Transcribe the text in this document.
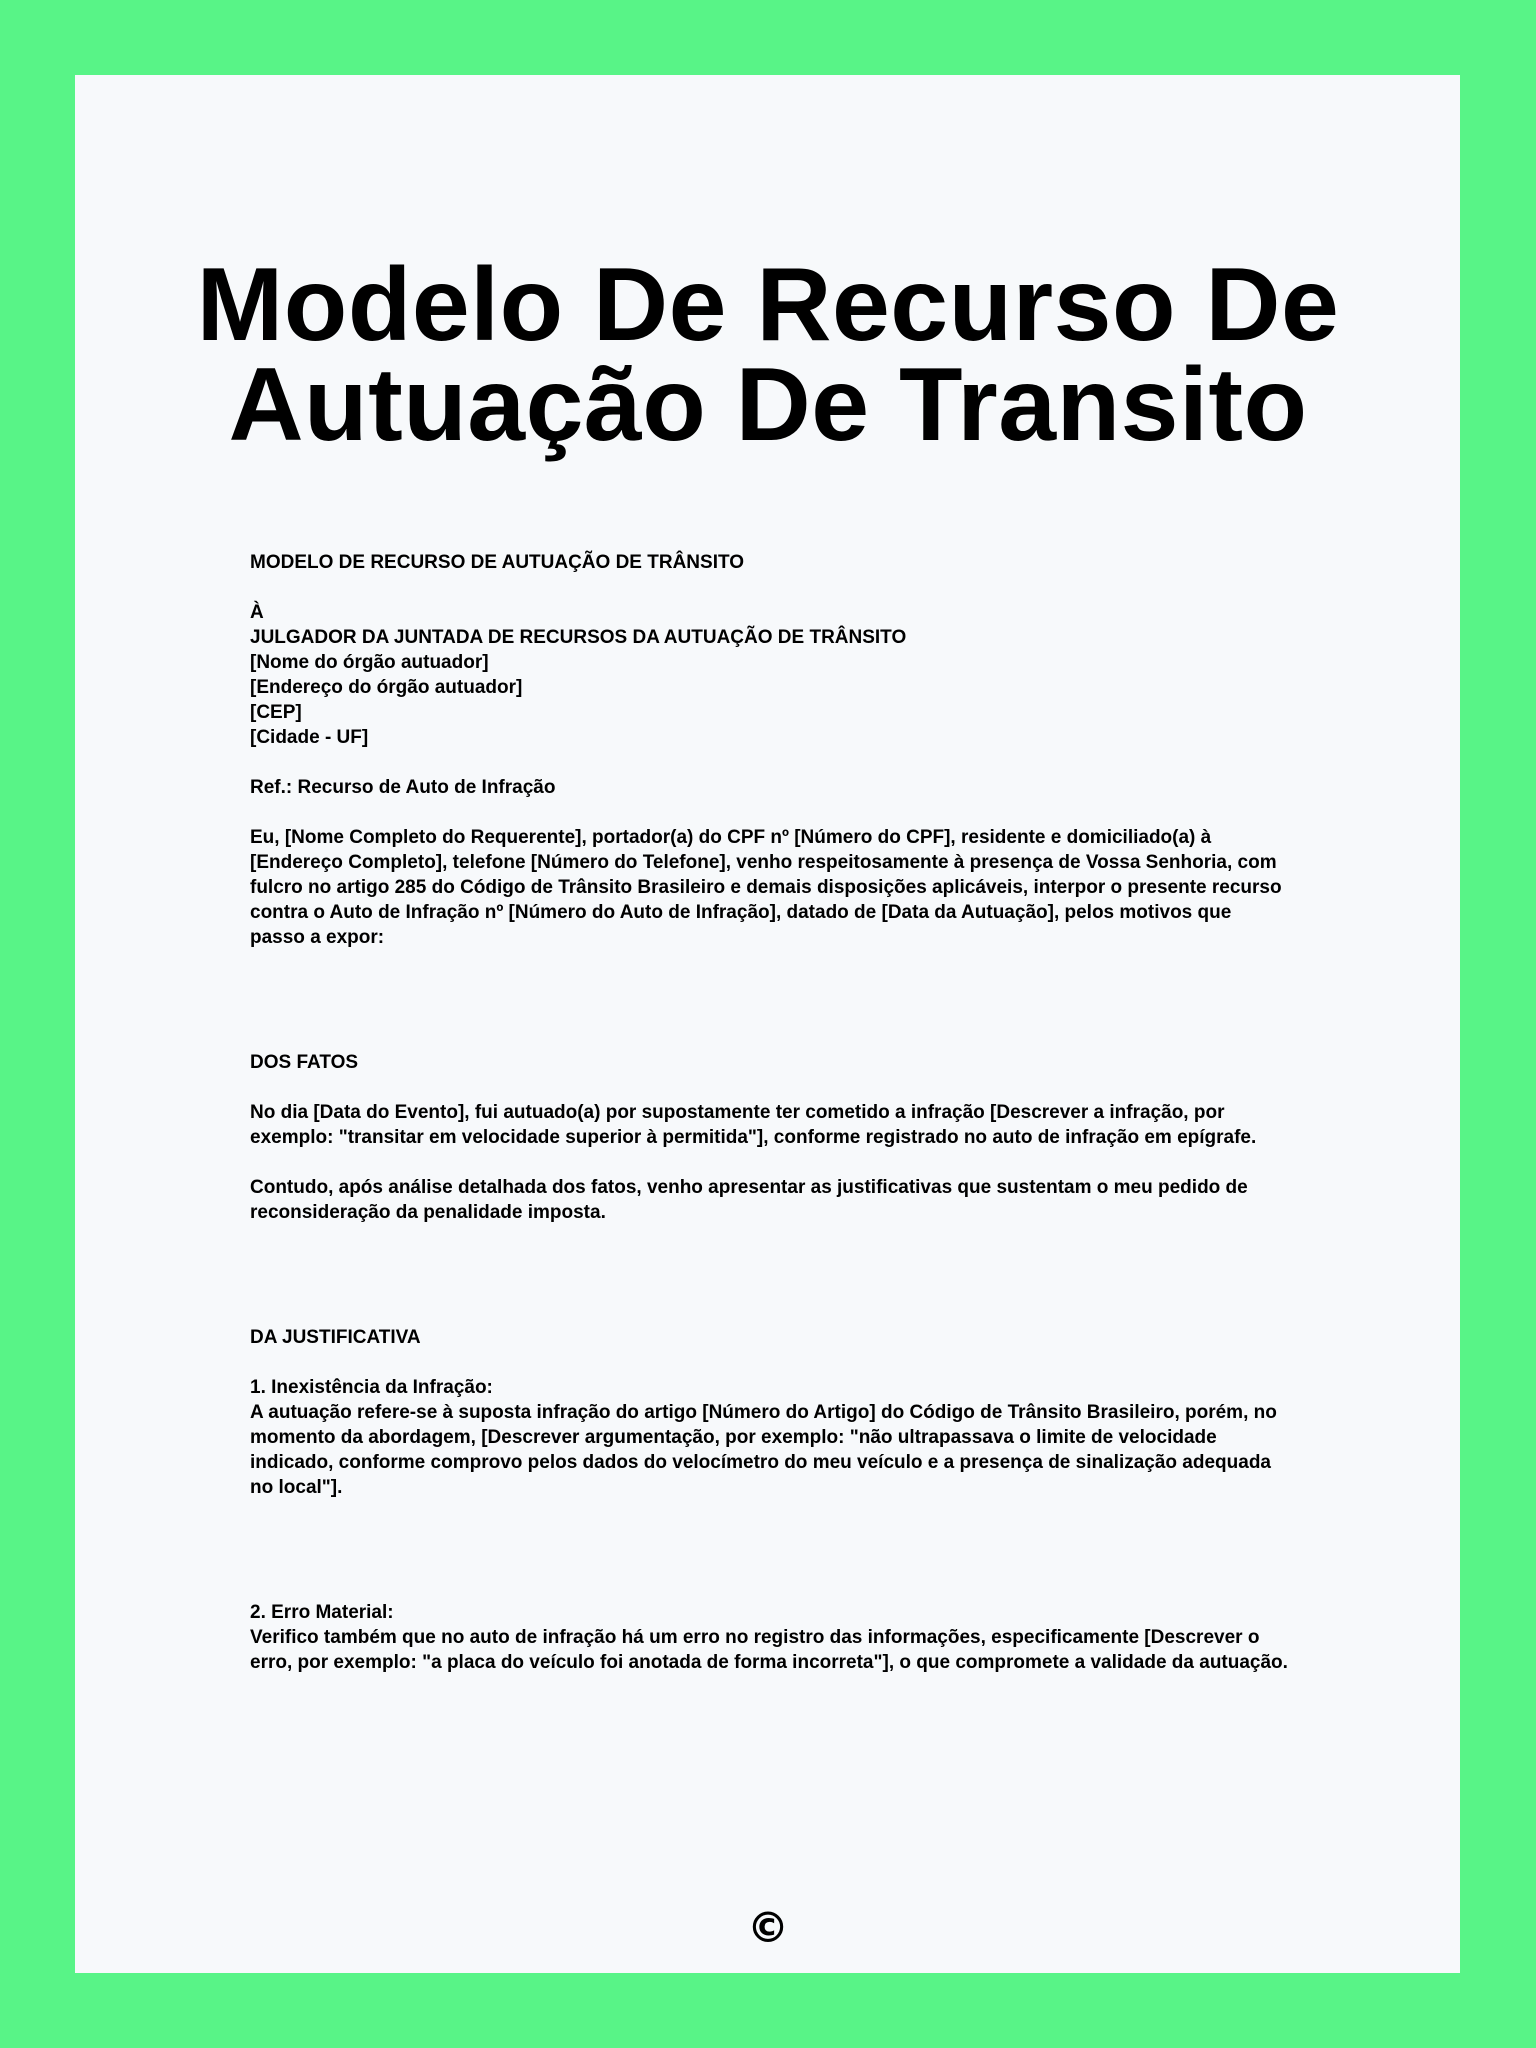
Modelo De Recurso De
Autuação De Transito

MODELO DE RECURSO DE AUTUAÇÃO DE TRÂNSITO

À

JULGADOR DA JUNTADA DE RECURSOS DA AUTUAÇÃO DE TRÂNSITO

[Nome do órgão autuador]

[Endereço do órgão autuador]

[CEP]

[Cidade - UF]

Ref.: Recurso de Auto de Infração

Eu, [Nome Completo do Requerente], portador(a) do CPF nº [Número do CPF], residente e domiciliado(a) à [Endereço Completo], telefone [Número do Telefone], venho respeitosamente à presença de Vossa Senhoria, com fulcro no artigo 285 do Código de Trânsito Brasileiro e demais disposições aplicáveis, interpor o presente recurso contra o Auto de Infração nº [Número do Auto de Infração], datado de [Data da Autuação], pelos motivos que passo a expor:

DOS FATOS

No dia [Data do Evento], fui autuado(a) por supostamente ter cometido a infração [Descrever a infração, por exemplo: "transitar em velocidade superior à permitida"], conforme registrado no auto de infração em epígrafe.

Contudo, após análise detalhada dos fatos, venho apresentar as justificativas que sustentam o meu pedido de reconsideração da penalidade imposta.

DA JUSTIFICATIVA

1. Inexistência da Infração:

A autuação refere-se à suposta infração do artigo [Número do Artigo] do Código de Trânsito Brasileiro, porém, no momento da abordagem, [Descrever argumentação, por exemplo: "não ultrapassava o limite de velocidade indicado, conforme comprovo pelos dados do velocímetro do meu veículo e a presença de sinalização adequada no local"].

2. Erro Material:

Verifico também que no auto de infração há um erro no registro das informações, especificamente [Descrever o erro, por exemplo: "a placa do veículo foi anotada de forma incorreta"], o que compromete a validade da autuação.

©
